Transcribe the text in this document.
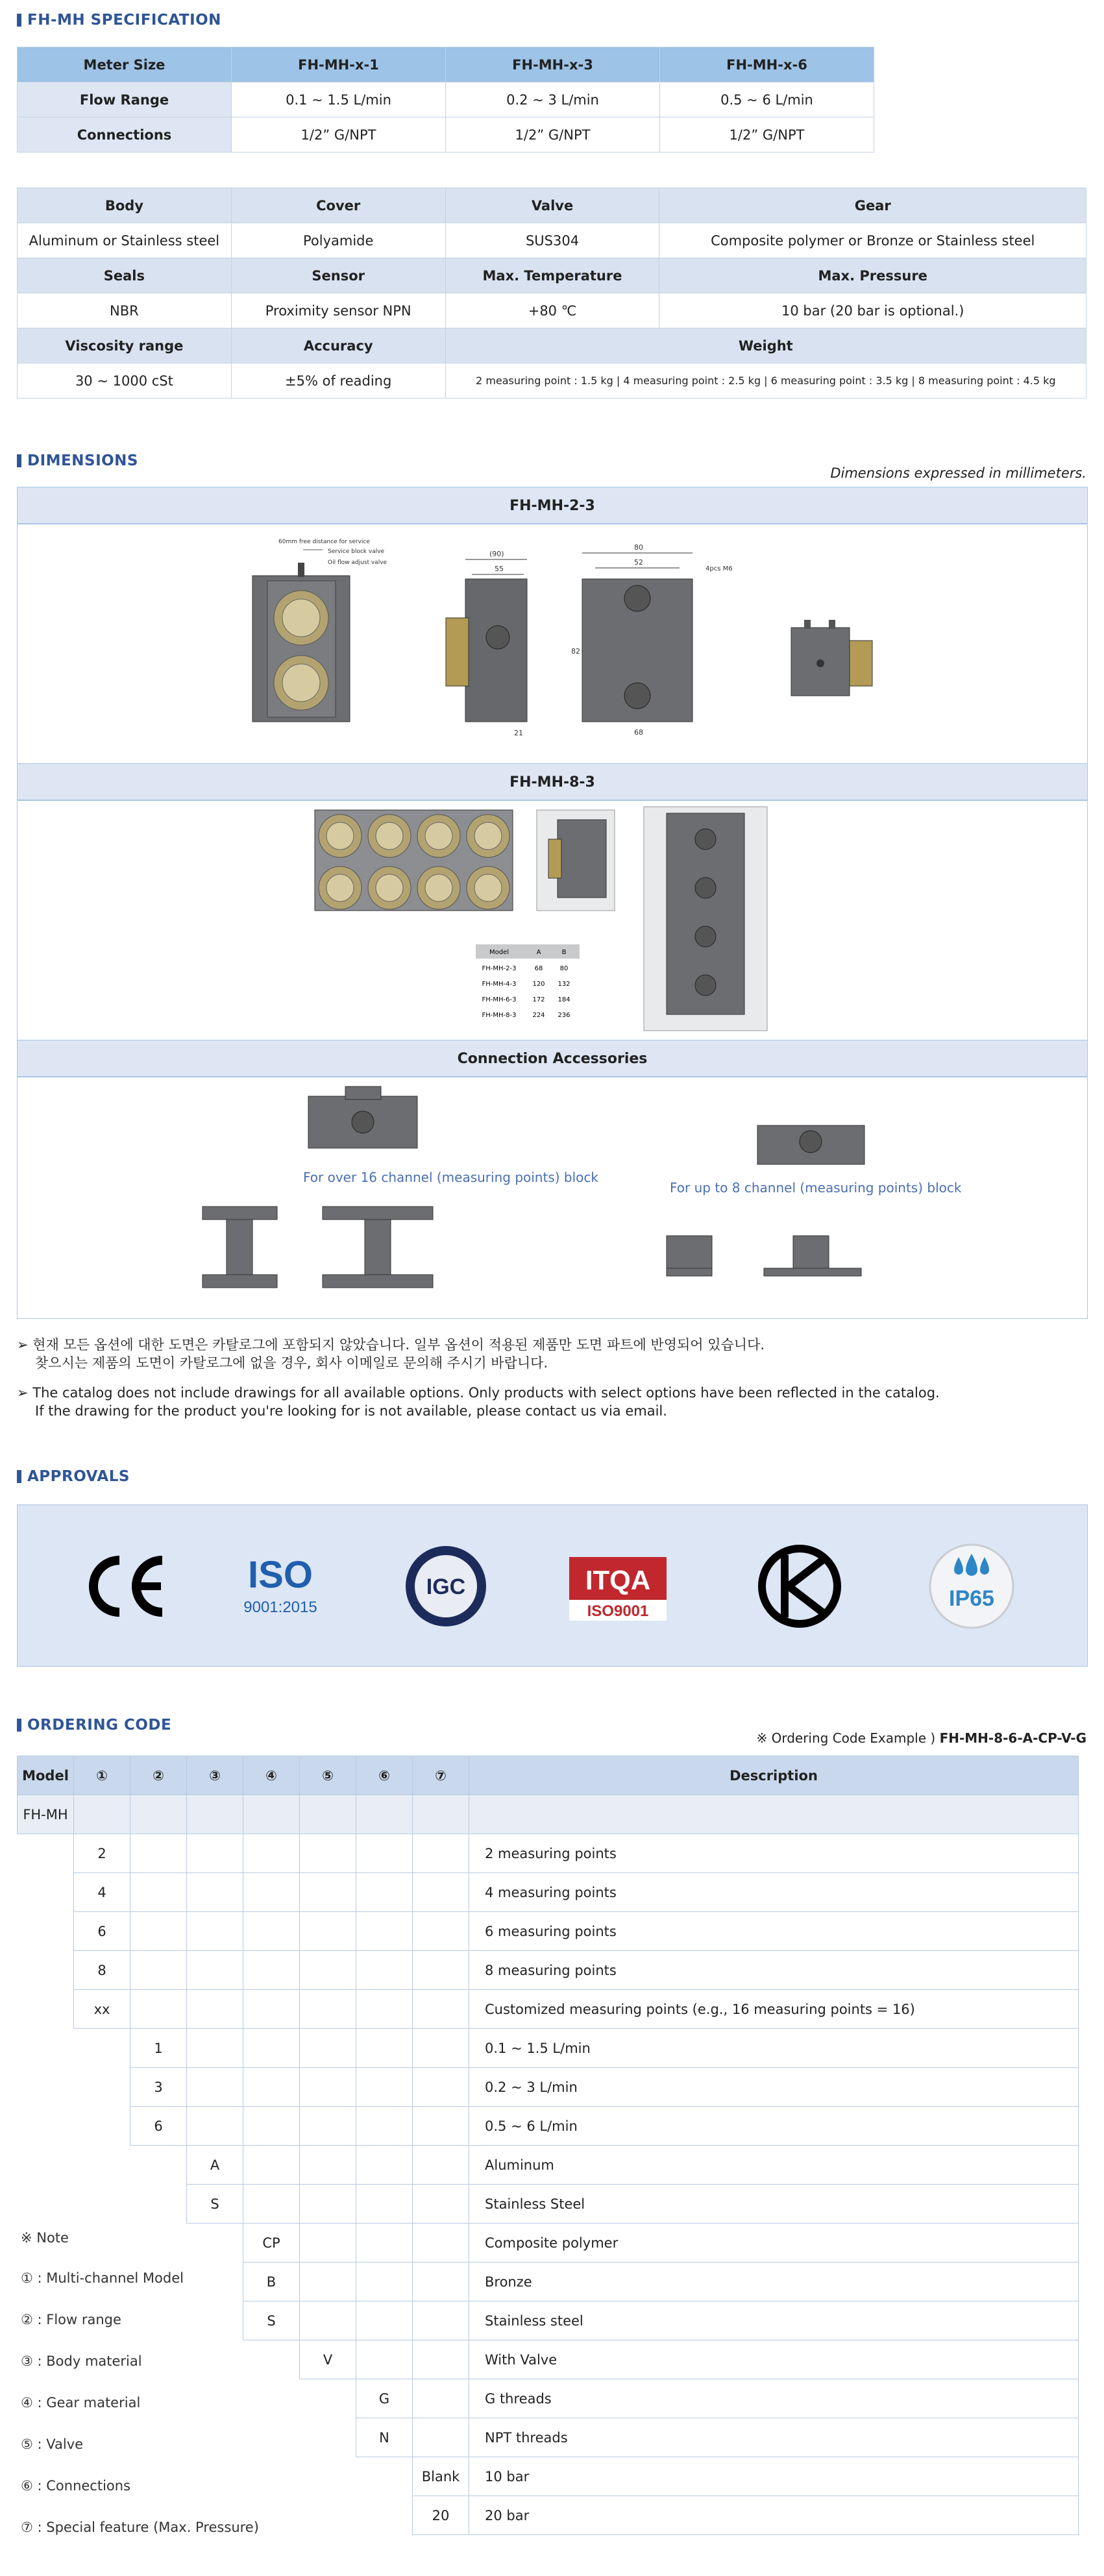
FH-MH SPECIFICATION
Meter Size	FH-MH-x-1	FH-MH-x-3	FH-MH-x-6
Flow Range	0.1 ~ 1.5 L/min	0.2 ~ 3 L/min	0.5 ~ 6 L/min
Connections	1/2” G/NPT	1/2” G/NPT	1/2” G/NPT
Body	Cover	Valve	Gear
Aluminum or Stainless steel	Polyamide	SUS304	Composite polymer or Bronze or Stainless steel
Seals	Sensor	Max. Temperature	Max. Pressure
NBR	Proximity sensor NPN	+80 ℃	10 bar (20 bar is optional.)
Viscosity range	Accuracy	Weight	
30 ~ 1000 cSt	±5% of reading	2 measuring point : 1.5 kg | 4 measuring point : 2.5 kg | 6 measuring point : 3.5 kg | 8 measuring point : 4.5 kg	
DIMENSIONS
Dimensions expressed in millimeters.
FH-MH-2-3
60mm free distance for service
Service block valve
Oil flow adjust valve
(90)
55
21
80
52
68
82
4pcs M6
FH-MH-8-3
Model	A	B
FH-MH-2-3	68	80
FH-MH-4-3 120 132
FH-MH-6-3 172 184
FH-MH-8-3 224 236
Connection Accessories
For over 16 channel (measuring points) block
For up to 8 channel (measuring points) block
➢ 현재 모든 옵션에 대한 도면은 카탈로그에 포함되지 않았습니다. 일부 옵션이 적용된 제품만 도면 파트에 반영되어 있습니다.
찾으시는 제품의 도면이 카탈로그에 없을 경우, 회사 이메일로 문의해 주시기 바랍니다.
➢ The catalog does not include drawings for all available options. Only products with select options have been reflected in the catalog.
If the drawing for the product you're looking for is not available, please contact us via email.
APPROVALS
ISO
9001:2015
IGC	ITQA
ISO9001
IP65
ORDERING CODE
※ Ordering Code Example ) FH-MH-8-6-A-CP-V-G
Model	①	②	③	④	⑤	⑥	⑦	Description
FH-MH								
	2							2 measuring points
	4							4 measuring points
	6							6 measuring points
	8							8 measuring points
	xx							Customized measuring points (e.g., 16 measuring points = 16)
		1						0.1 ~ 1.5 L/min
		3						0.2 ~ 3 L/min
		6						0.5 ~ 6 L/min
			A					Aluminum
			S					Stainless Steel
				CP				Composite polymer
				B				Bronze
				S				Stainless steel
					V			With Valve
						G		G threads
						N		NPT threads
							Blank	10 bar
							20	20 bar
※ Note
① : Multi-channel Model
② : Flow range
③ : Body material
④ : Gear material
⑤ : Valve
⑥ : Connections
⑦ : Special feature (Max. Pressure)
